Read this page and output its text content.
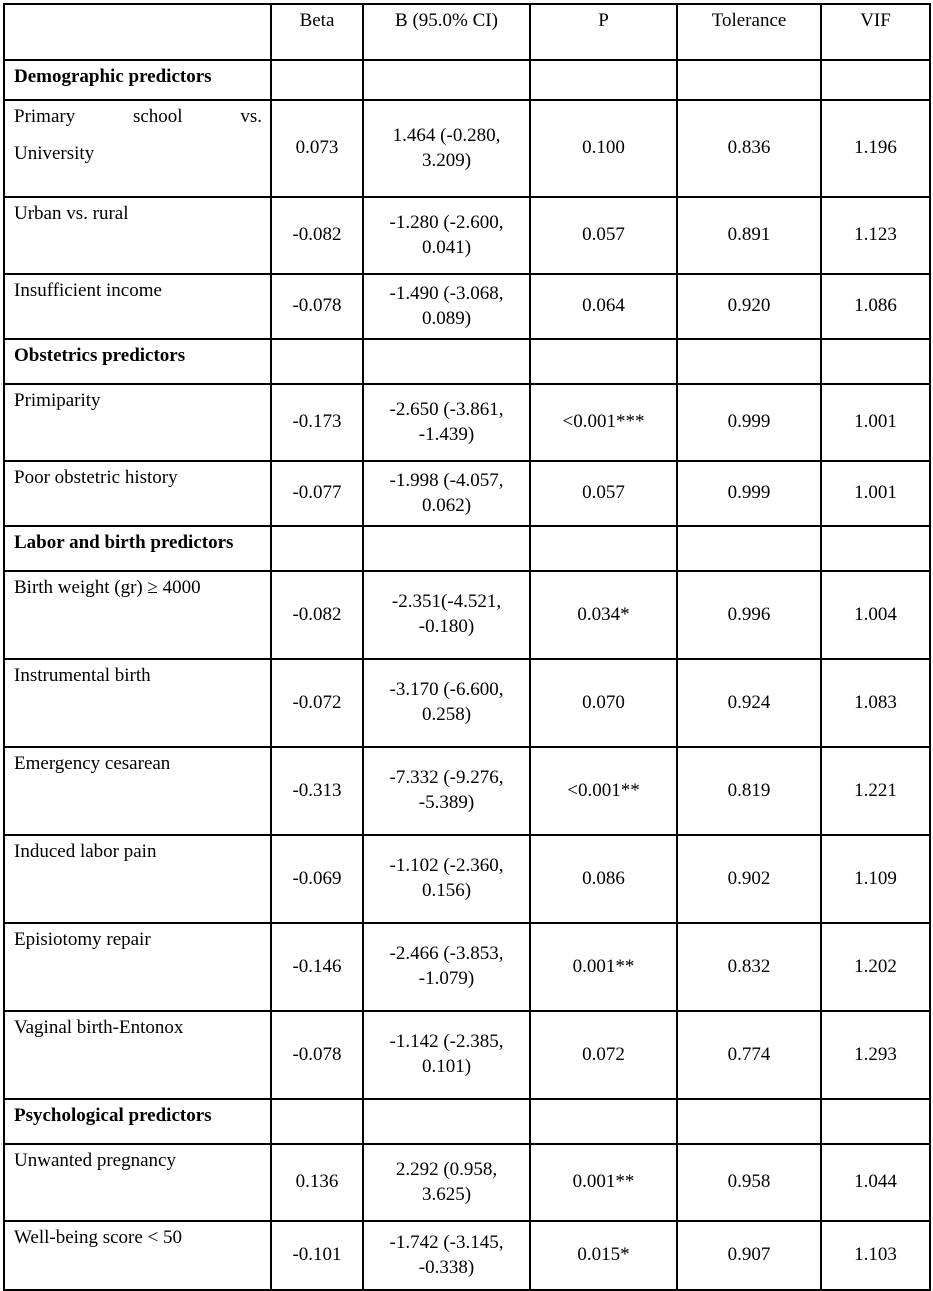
	Beta	B (95.0% CI)	P	Tolerance	VIF
Demographic predictors					

Primary school vs.
University	0.073	1.464 (-0.280, 3.209)	0.100	0.836	1.196
Urban vs. rural	-0.082	-1.280 (-2.600, 0.041)	0.057	0.891	1.123
Insufficient income	-0.078	-1.490 (-3.068, 0.089)	0.064	0.920	1.086
Obstetrics predictors					
Primiparity	-0.173	-2.650 (-3.861, -1.439)	<0.001***	0.999	1.001
Poor obstetric history	-0.077	-1.998 (-4.057, 0.062)	0.057	0.999	1.001
Labor and birth predictors					
Birth weight (gr) ≥ 4000	-0.082	-2.351(-4.521, -0.180)	0.034*	0.996	1.004
Instrumental birth	-0.072	-3.170 (-6.600, 0.258)	0.070	0.924	1.083
Emergency cesarean	-0.313	-7.332 (-9.276, -5.389)	<0.001**	0.819	1.221
Induced labor pain	-0.069	-1.102 (-2.360, 0.156)	0.086	0.902	1.109
Episiotomy repair	-0.146	-2.466 (-3.853, -1.079)	0.001**	0.832	1.202
Vaginal birth-Entonox	-0.078	-1.142 (-2.385, 0.101)	0.072	0.774	1.293
Psychological predictors					
Unwanted pregnancy	0.136	2.292 (0.958, 3.625)	0.001**	0.958	1.044
Well-being score < 50	-0.101	-1.742 (-3.145, -0.338)	0.015*	0.907	1.103
